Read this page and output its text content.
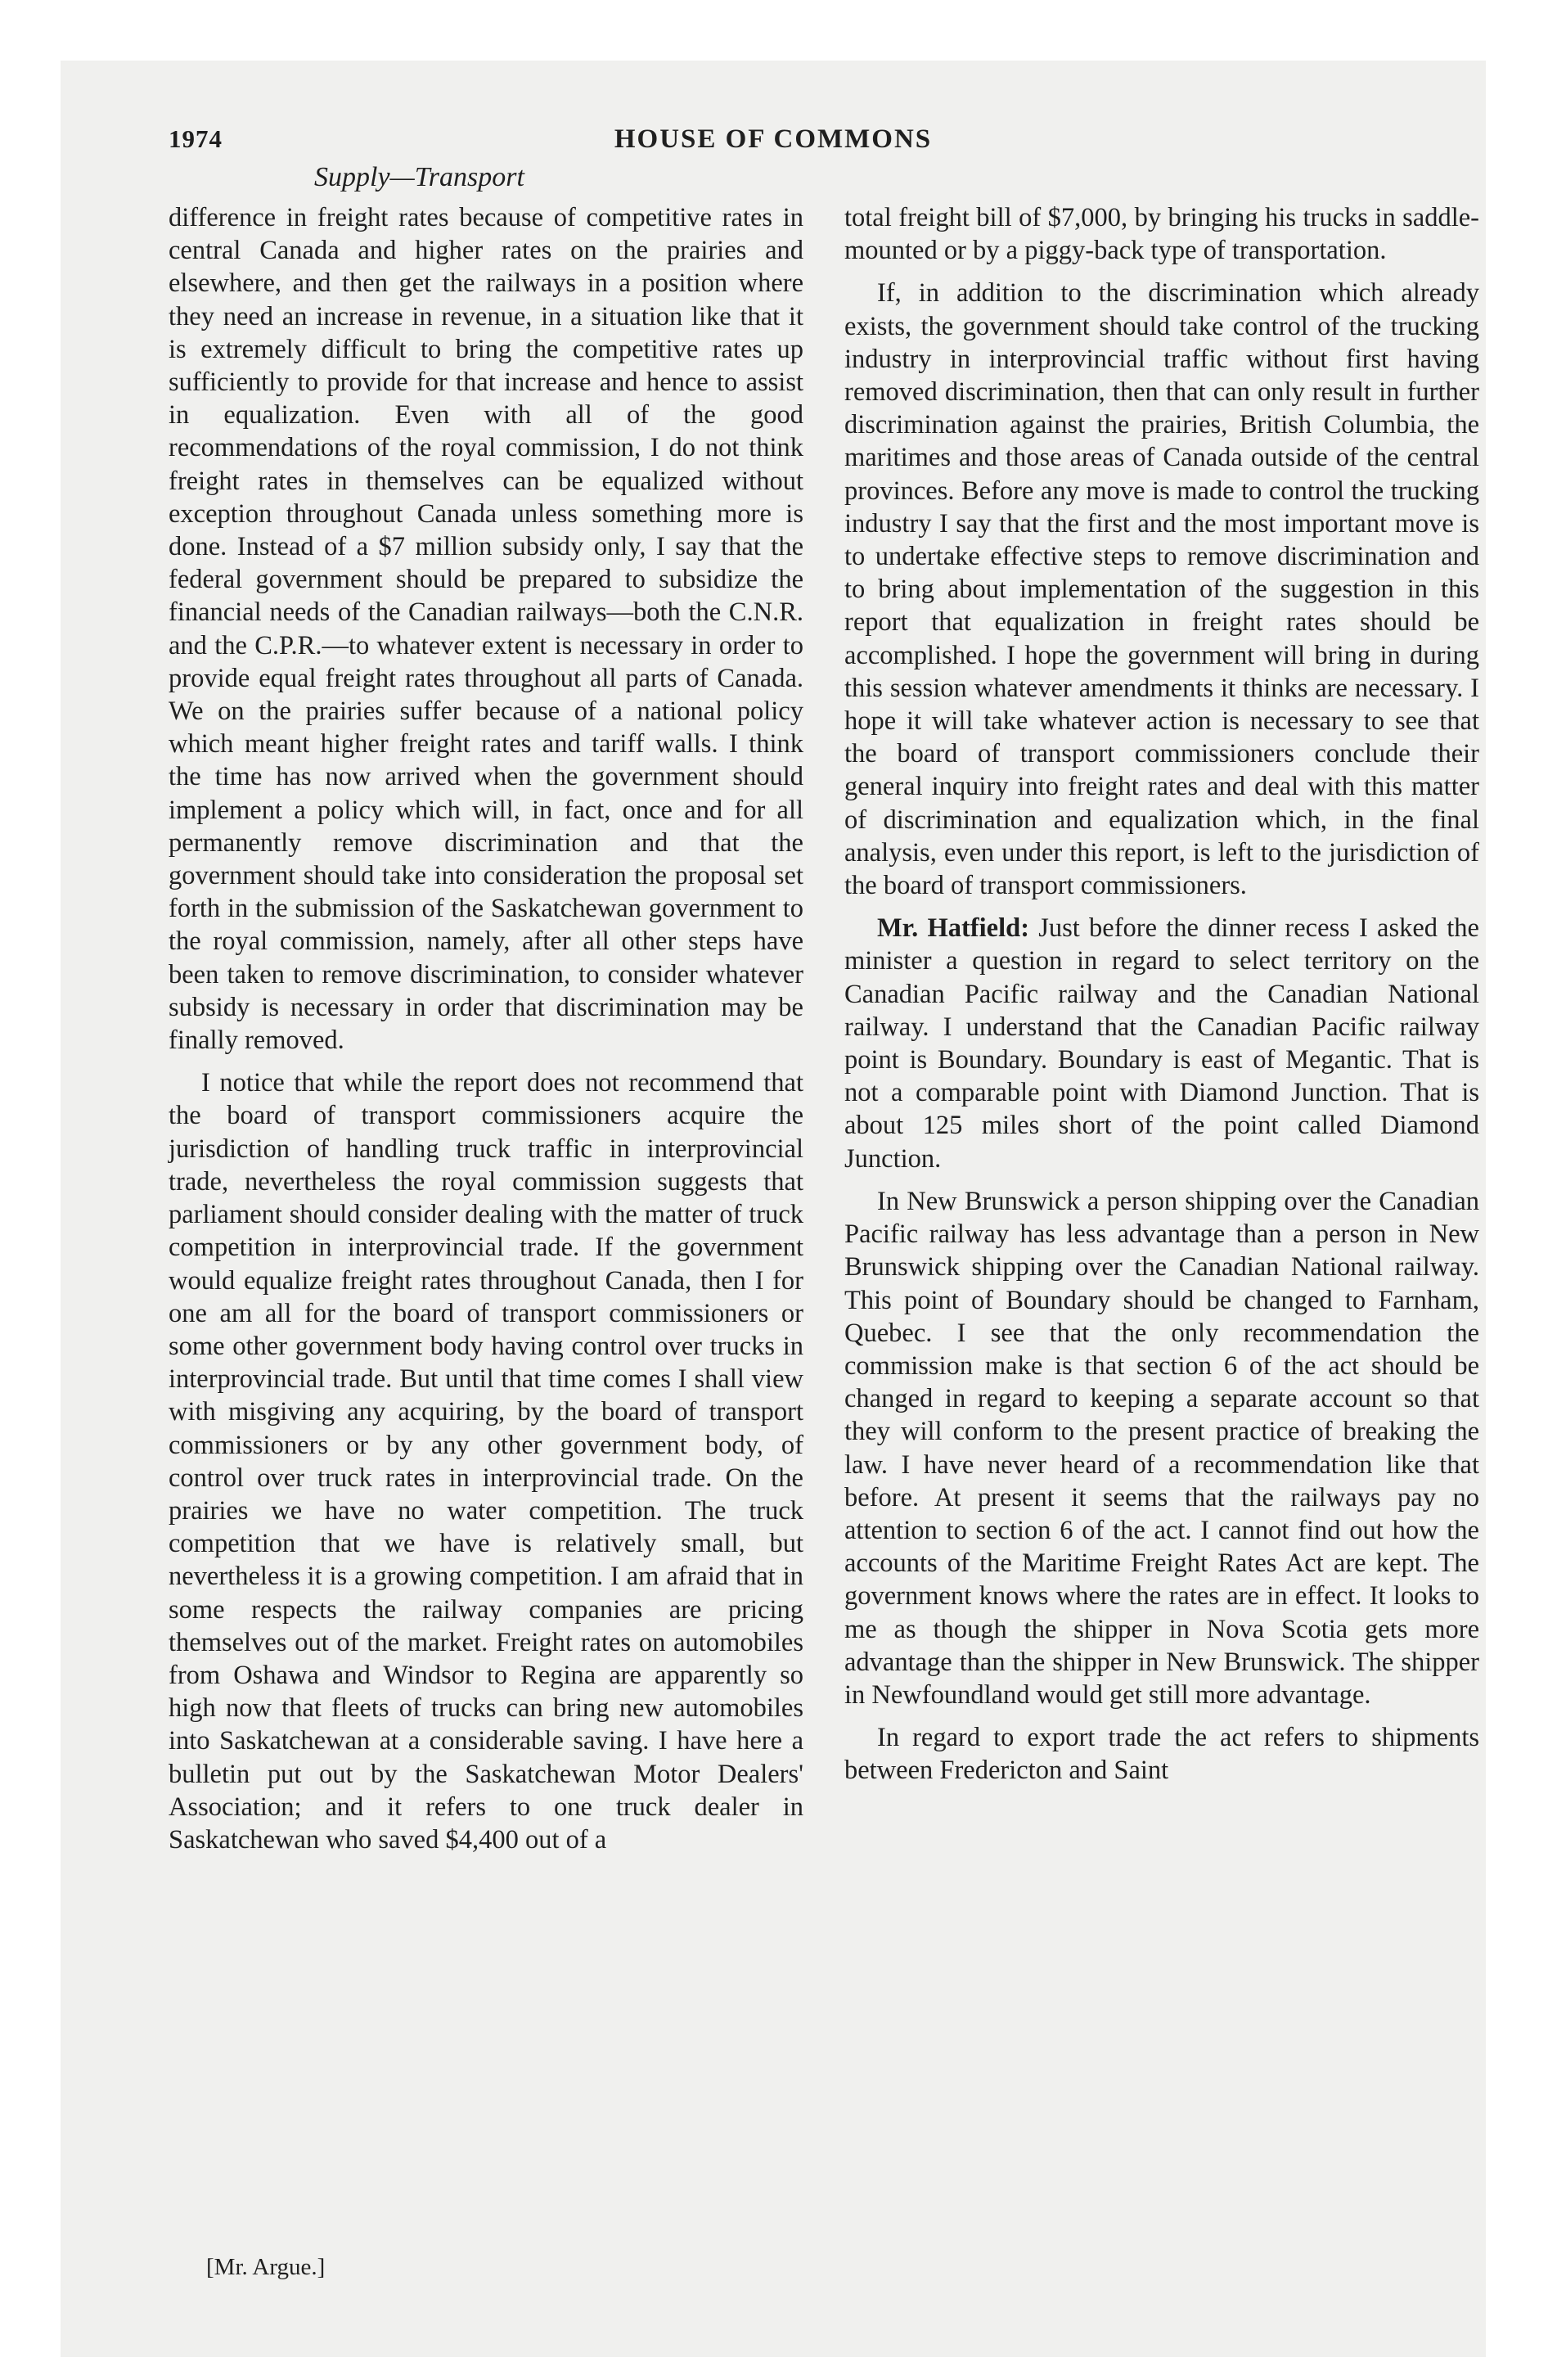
1974	HOUSE OF COMMONS
Supply—Transport

difference in freight rates because of competitive rates in central Canada and higher rates on the prairies and elsewhere, and then get the railways in a position where they need an increase in revenue, in a situation like that it is extremely difficult to bring the competitive rates up sufficiently to provide for that increase and hence to assist in equalization. Even with all of the good recommendations of the royal commission, I do not think freight rates in themselves can be equalized without exception throughout Canada unless something more is done. Instead of a $7 million subsidy only, I say that the federal government should be prepared to subsidize the financial needs of the Canadian railways—both the C.N.R. and the C.P.R.—to whatever extent is necessary in order to provide equal freight rates throughout all parts of Canada. We on the prairies suffer because of a national policy which meant higher freight rates and tariff walls. I think the time has now arrived when the government should implement a policy which will, in fact, once and for all permanently remove discrimination and that the government should take into consideration the proposal set forth in the submission of the Saskatchewan government to the royal commission, namely, after all other steps have been taken to remove discrimination, to consider whatever subsidy is necessary in order that discrimination may be finally removed.

I notice that while the report does not recommend that the board of transport commissioners acquire the jurisdiction of handling truck traffic in interprovincial trade, nevertheless the royal commission suggests that parliament should consider dealing with the matter of truck competition in interprovincial trade. If the government would equalize freight rates throughout Canada, then I for one am all for the board of transport commissioners or some other government body having control over trucks in interprovincial trade. But until that time comes I shall view with misgiving any acquiring, by the board of transport commissioners or by any other government body, of control over truck rates in interprovincial trade. On the prairies we have no water competition. The truck competition that we have is relatively small, but nevertheless it is a growing competition. I am afraid that in some respects the railway companies are pricing themselves out of the market. Freight rates on automobiles from Oshawa and Windsor to Regina are apparently so high now that fleets of trucks can bring new automobiles into Saskatchewan at a considerable saving. I have here a bulletin put out by the Saskatchewan Motor Dealers' Association; and it refers to one truck dealer in Saskatchewan who saved $4,400 out of a

total freight bill of $7,000, by bringing his trucks in saddle-mounted or by a piggy-back type of transportation.

If, in addition to the discrimination which already exists, the government should take control of the trucking industry in interprovincial traffic without first having removed discrimination, then that can only result in further discrimination against the prairies, British Columbia, the maritimes and those areas of Canada outside of the central provinces. Before any move is made to control the trucking industry I say that the first and the most important move is to undertake effective steps to remove discrimination and to bring about implementation of the suggestion in this report that equalization in freight rates should be accomplished. I hope the government will bring in during this session whatever amendments it thinks are necessary. I hope it will take whatever action is necessary to see that the board of transport commissioners conclude their general inquiry into freight rates and deal with this matter of discrimination and equalization which, in the final analysis, even under this report, is left to the jurisdiction of the board of transport commissioners.

Mr. Hatfield: Just before the dinner recess I asked the minister a question in regard to select territory on the Canadian Pacific railway and the Canadian National railway. I understand that the Canadian Pacific railway point is Boundary. Boundary is east of Megantic. That is not a comparable point with Diamond Junction. That is about 125 miles short of the point called Diamond Junction.

In New Brunswick a person shipping over the Canadian Pacific railway has less advantage than a person in New Brunswick shipping over the Canadian National railway. This point of Boundary should be changed to Farnham, Quebec. I see that the only recommendation the commission make is that section 6 of the act should be changed in regard to keeping a separate account so that they will conform to the present practice of breaking the law. I have never heard of a recommendation like that before. At present it seems that the railways pay no attention to section 6 of the act. I cannot find out how the accounts of the Maritime Freight Rates Act are kept. The government knows where the rates are in effect. It looks to me as though the shipper in Nova Scotia gets more advantage than the shipper in New Brunswick. The shipper in Newfoundland would get still more advantage.

In regard to export trade the act refers to shipments between Fredericton and Saint

[Mr. Argue.]
